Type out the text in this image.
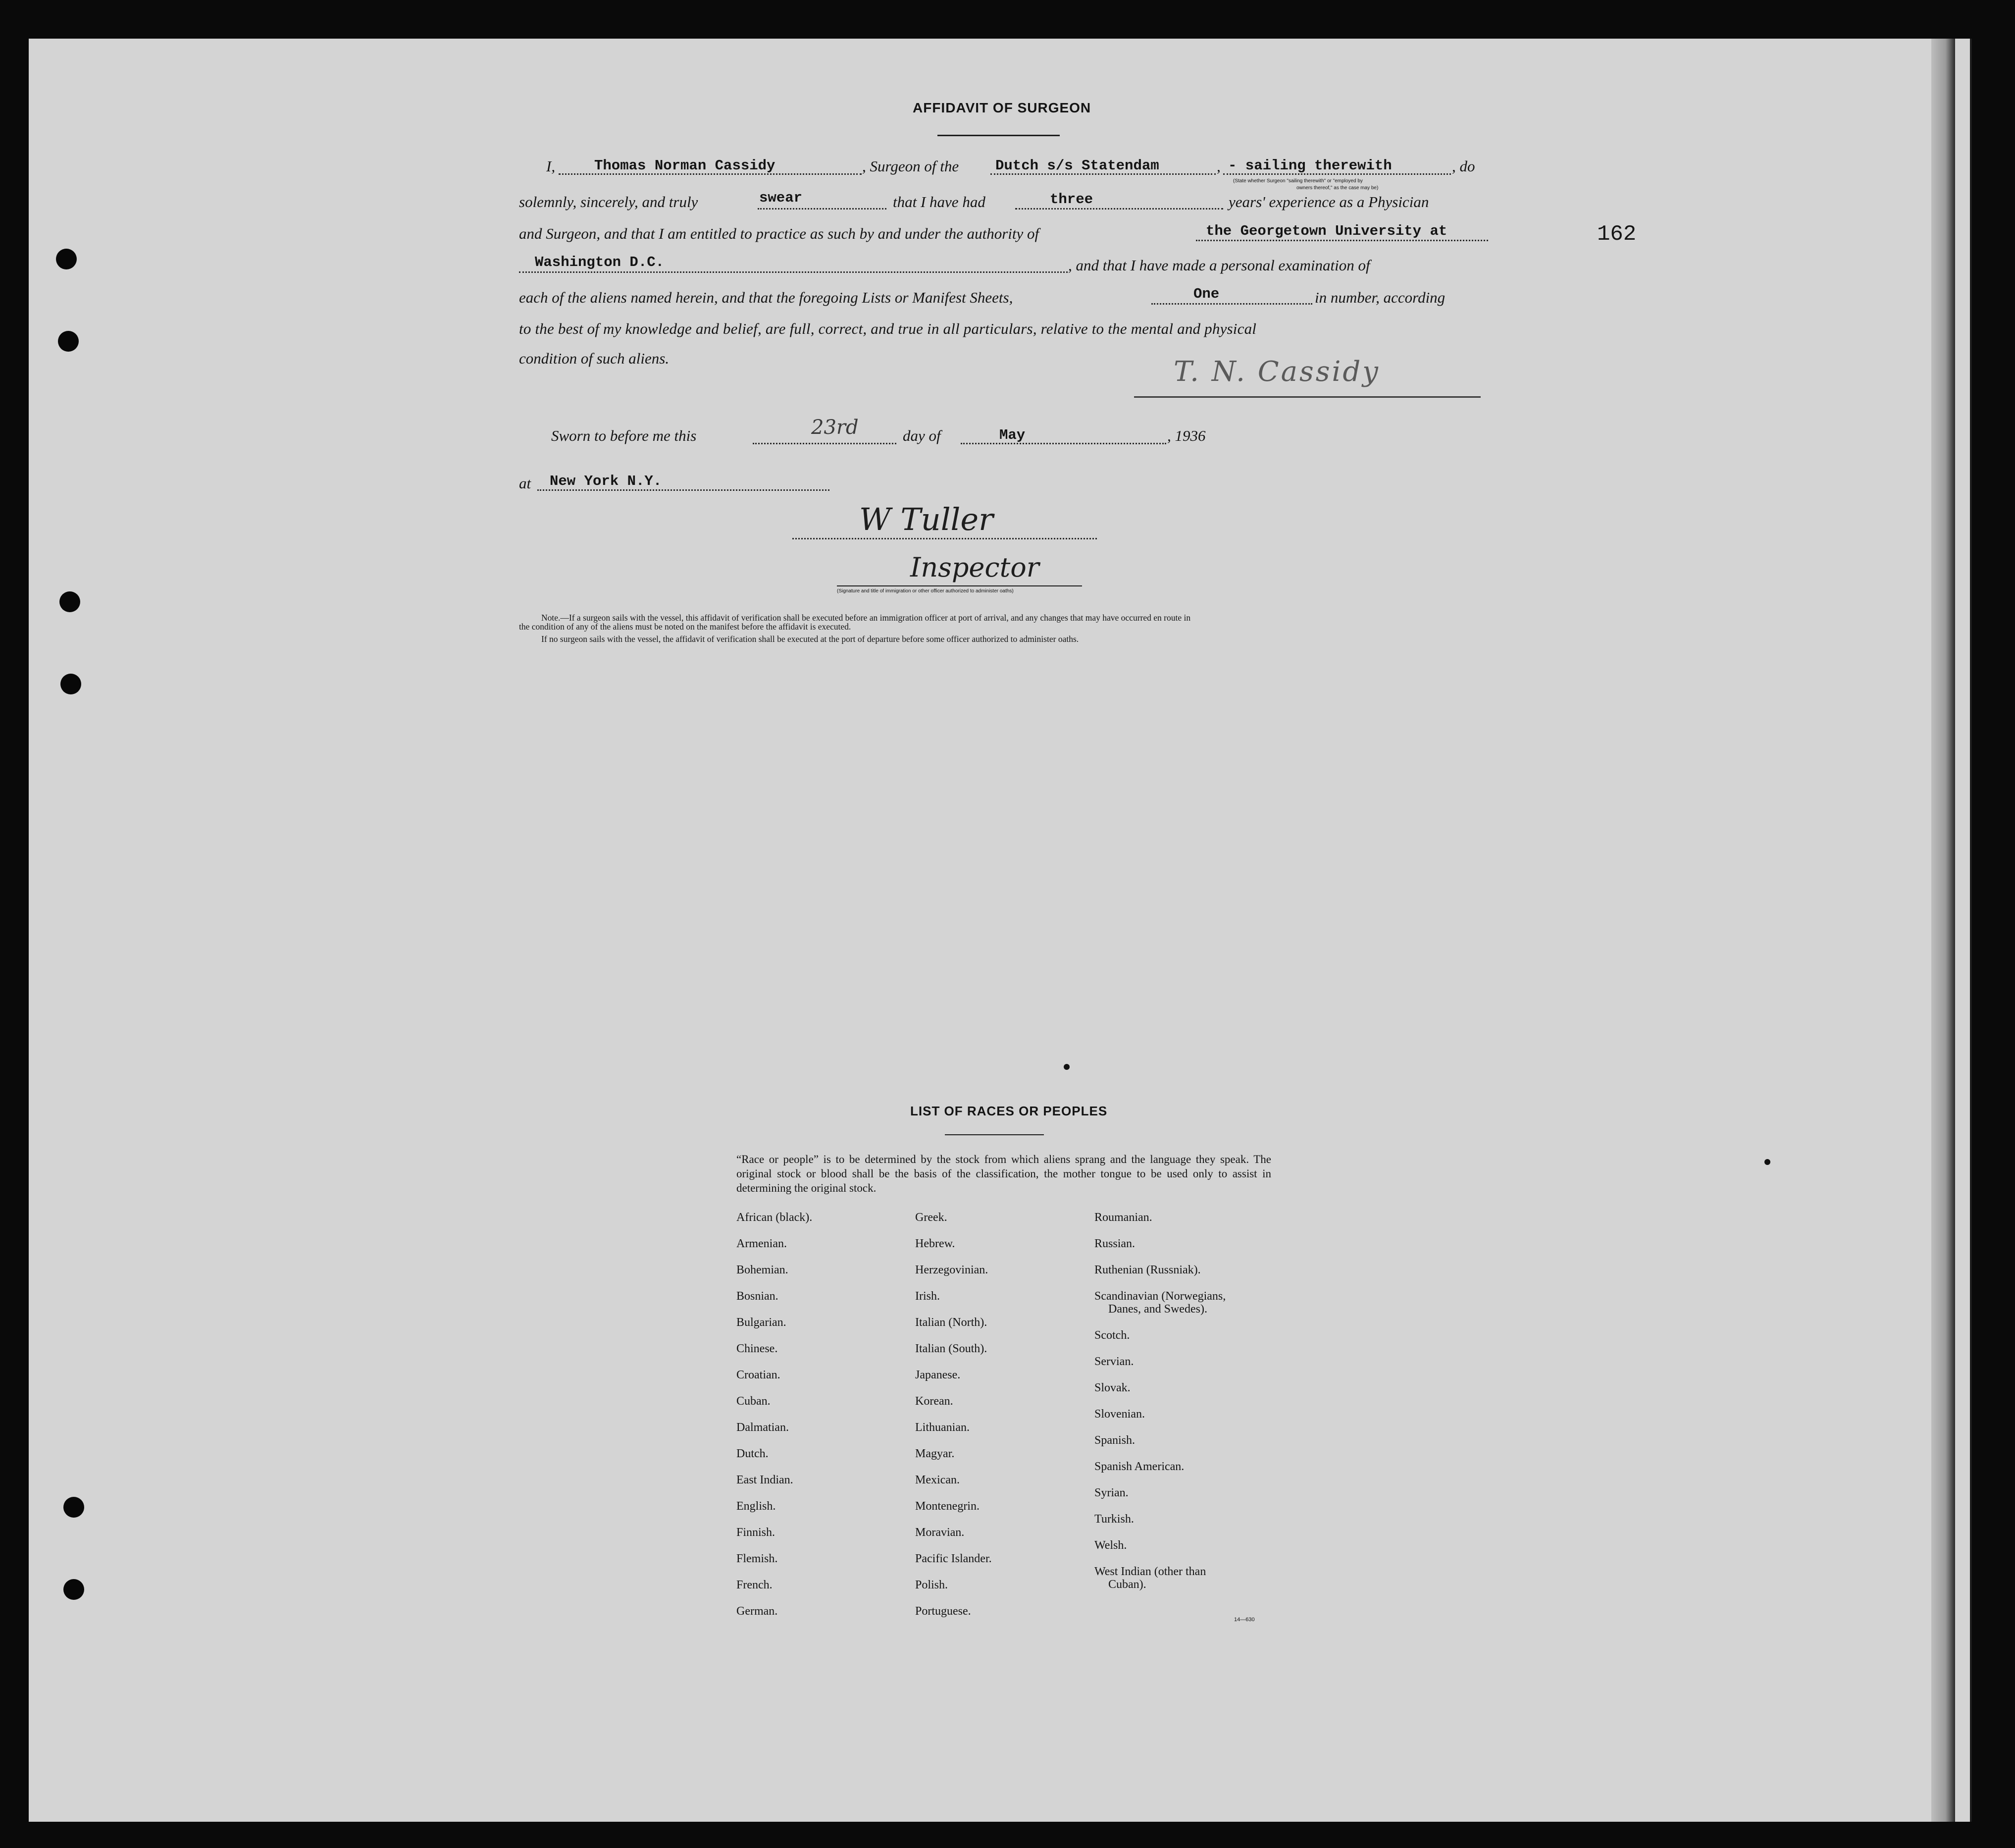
162
AFFIDAVIT OF SURGEON
I,	Thomas Norman Cassidy	, Surgeon of the	Dutch s/s Statendam	, - sailing therewith	, do
(State whether Surgeon "sailing therewith" or "employed by
owners thereof," as the case may be)
solemnly, sincerely, and truly	swear	that I have had	three	years' experience as a Physician
and Surgeon, and that I am entitled to practice as such by and under the authority of	the Georgetown University at
Washington D.C.	, and that I have made a personal examination of
each of the aliens named herein, and that the foregoing Lists or Manifest Sheets,	One	in number, according
to the best of my knowledge and belief, are full, correct, and true in all particulars, relative to the mental and physical
condition of such aliens.	T. N. Cassidy
Sworn to before me this	23rd	day of	May	, 1936
at New York N.Y.
W Tuller
Inspector
(Signature and title of immigration or other officer authorized to administer oaths)
Note.—If a surgeon sails with the vessel, this affidavit of verification shall be executed before an immigration officer at port of arrival, and any changes that may have occurred en route in
the condition of any of the aliens must be noted on the manifest before the affidavit is executed.
If no surgeon sails with the vessel, the affidavit of verification shall be executed at the port of departure before some officer authorized to administer oaths.
LIST OF RACES OR PEOPLES
“Race or people” is to be determined by the stock from which aliens sprang and the language they speak. The original stock or blood shall be the basis of the classification, the mother tongue to be used only to assist in determining the original stock.
African (black).
Armenian.
Bohemian.
Bosnian.
Bulgarian.
Chinese.
Croatian.
Cuban.
Dalmatian.
Dutch.
East Indian.
English.
Finnish.
Flemish.
French.
German.
Greek.
Hebrew.
Herzegovinian.
Irish.
Italian (North).
Italian (South).
Japanese.
Korean.
Lithuanian.
Magyar.
Mexican.
Montenegrin.
Moravian.
Pacific Islander.
Polish.
Portuguese.
Roumanian.
Russian.
Ruthenian (Russniak).
Scandinavian (Norwegians,
Danes, and Swedes).
Scotch.
Servian.
Slovak.
Slovenian.
Spanish.
Spanish American.
Syrian.
Turkish.
Welsh.
West Indian (other than
Cuban).
14—630
